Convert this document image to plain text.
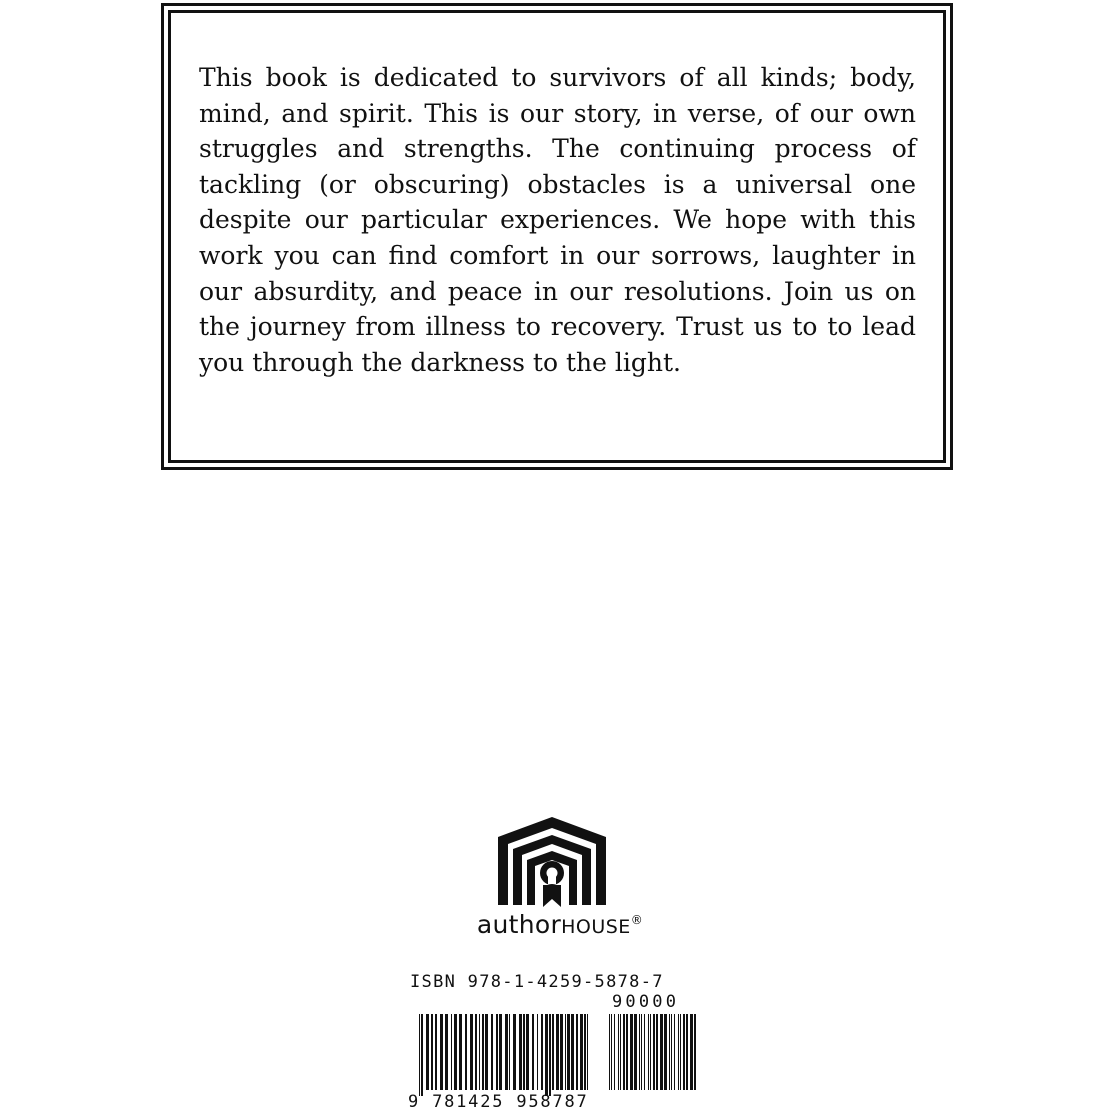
This book is dedicated to survivors of all kinds; body, mind, and spirit. This is our story, in verse, of our own struggles and strengths. The continuing process of tackling (or obscuring) obstacles is a universal one despite our particular experiences. We hope with this work you can find comfort in our sorrows, laughter in our absurdity, and peace in our resolutions. Join us on the journey from illness to recovery. Trust us to to lead you through the darkness to the light.

authorHOUSE®
ISBN 978-1-4259-5878-7
90000
9 781425 958787
